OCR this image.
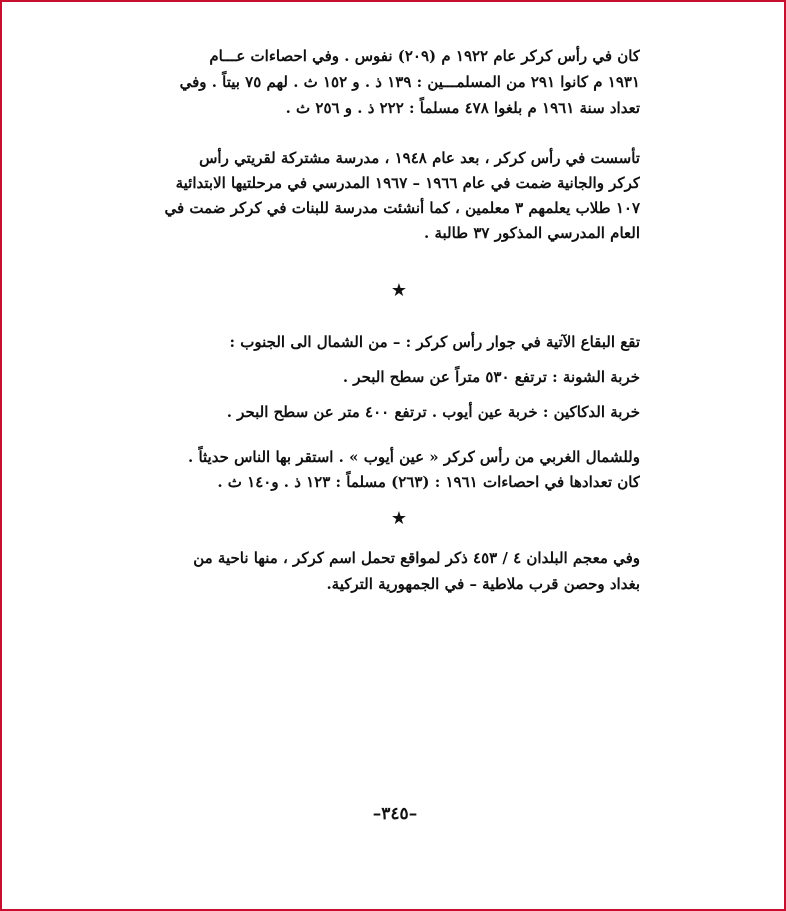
كان في رأس كركر عام ١٩٢٢ م (٢٠٩) نفوس . وفي احصاءات عـــام
١٩٣١ م كانوا ٢٩١ من المسلمـــين : ١٣٩ ذ . و ١٥٢ ث . لهم ٧٥ بيتاً . وفي
تعداد سنة ١٩٦١ م بلغوا ٤٧٨ مسلماً : ٢٢٢ ذ . و ٢٥٦ ث .
تأسست في رأس كركر ، بعد عام ١٩٤٨ ، مدرسة مشتركة لقريتي رأس
كركر والجانية ضمت في عام ١٩٦٦ – ١٩٦٧ المدرسي في مرحلتيها الابتدائية
١٠٧ طلاب يعلمهم ٣ معلمين ، كما أنشئت مدرسة للبنات في كركر ضمت في
العام المدرسي المذكور ٣٧ طالبة .
★
تقع البقاع الآتية في جوار رأس كركر : – من الشمال الى الجنوب :
خربة الشونة : ترتفع ٥٣٠ متراً عن سطح البحر .
خربة الدكاكين : خربة عين أيوب . ترتفع ٤٠٠ متر عن سطح البحر .
وللشمال الغربي من رأس كركر « عين أيوب » . استقر بها الناس حديثاً .
كان تعدادها في احصاءات ١٩٦١ : (٢٦٣) مسلماً : ١٢٣ ذ . و١٤٠ ث .
★
وفي معجم البلدان ٤ / ٤٥٣ ذكر لمواقع تحمل اسم كركر ، منها ناحية من
بغداد وحصن قرب ملاطية – في الجمهورية التركية.
–٣٤٥–
